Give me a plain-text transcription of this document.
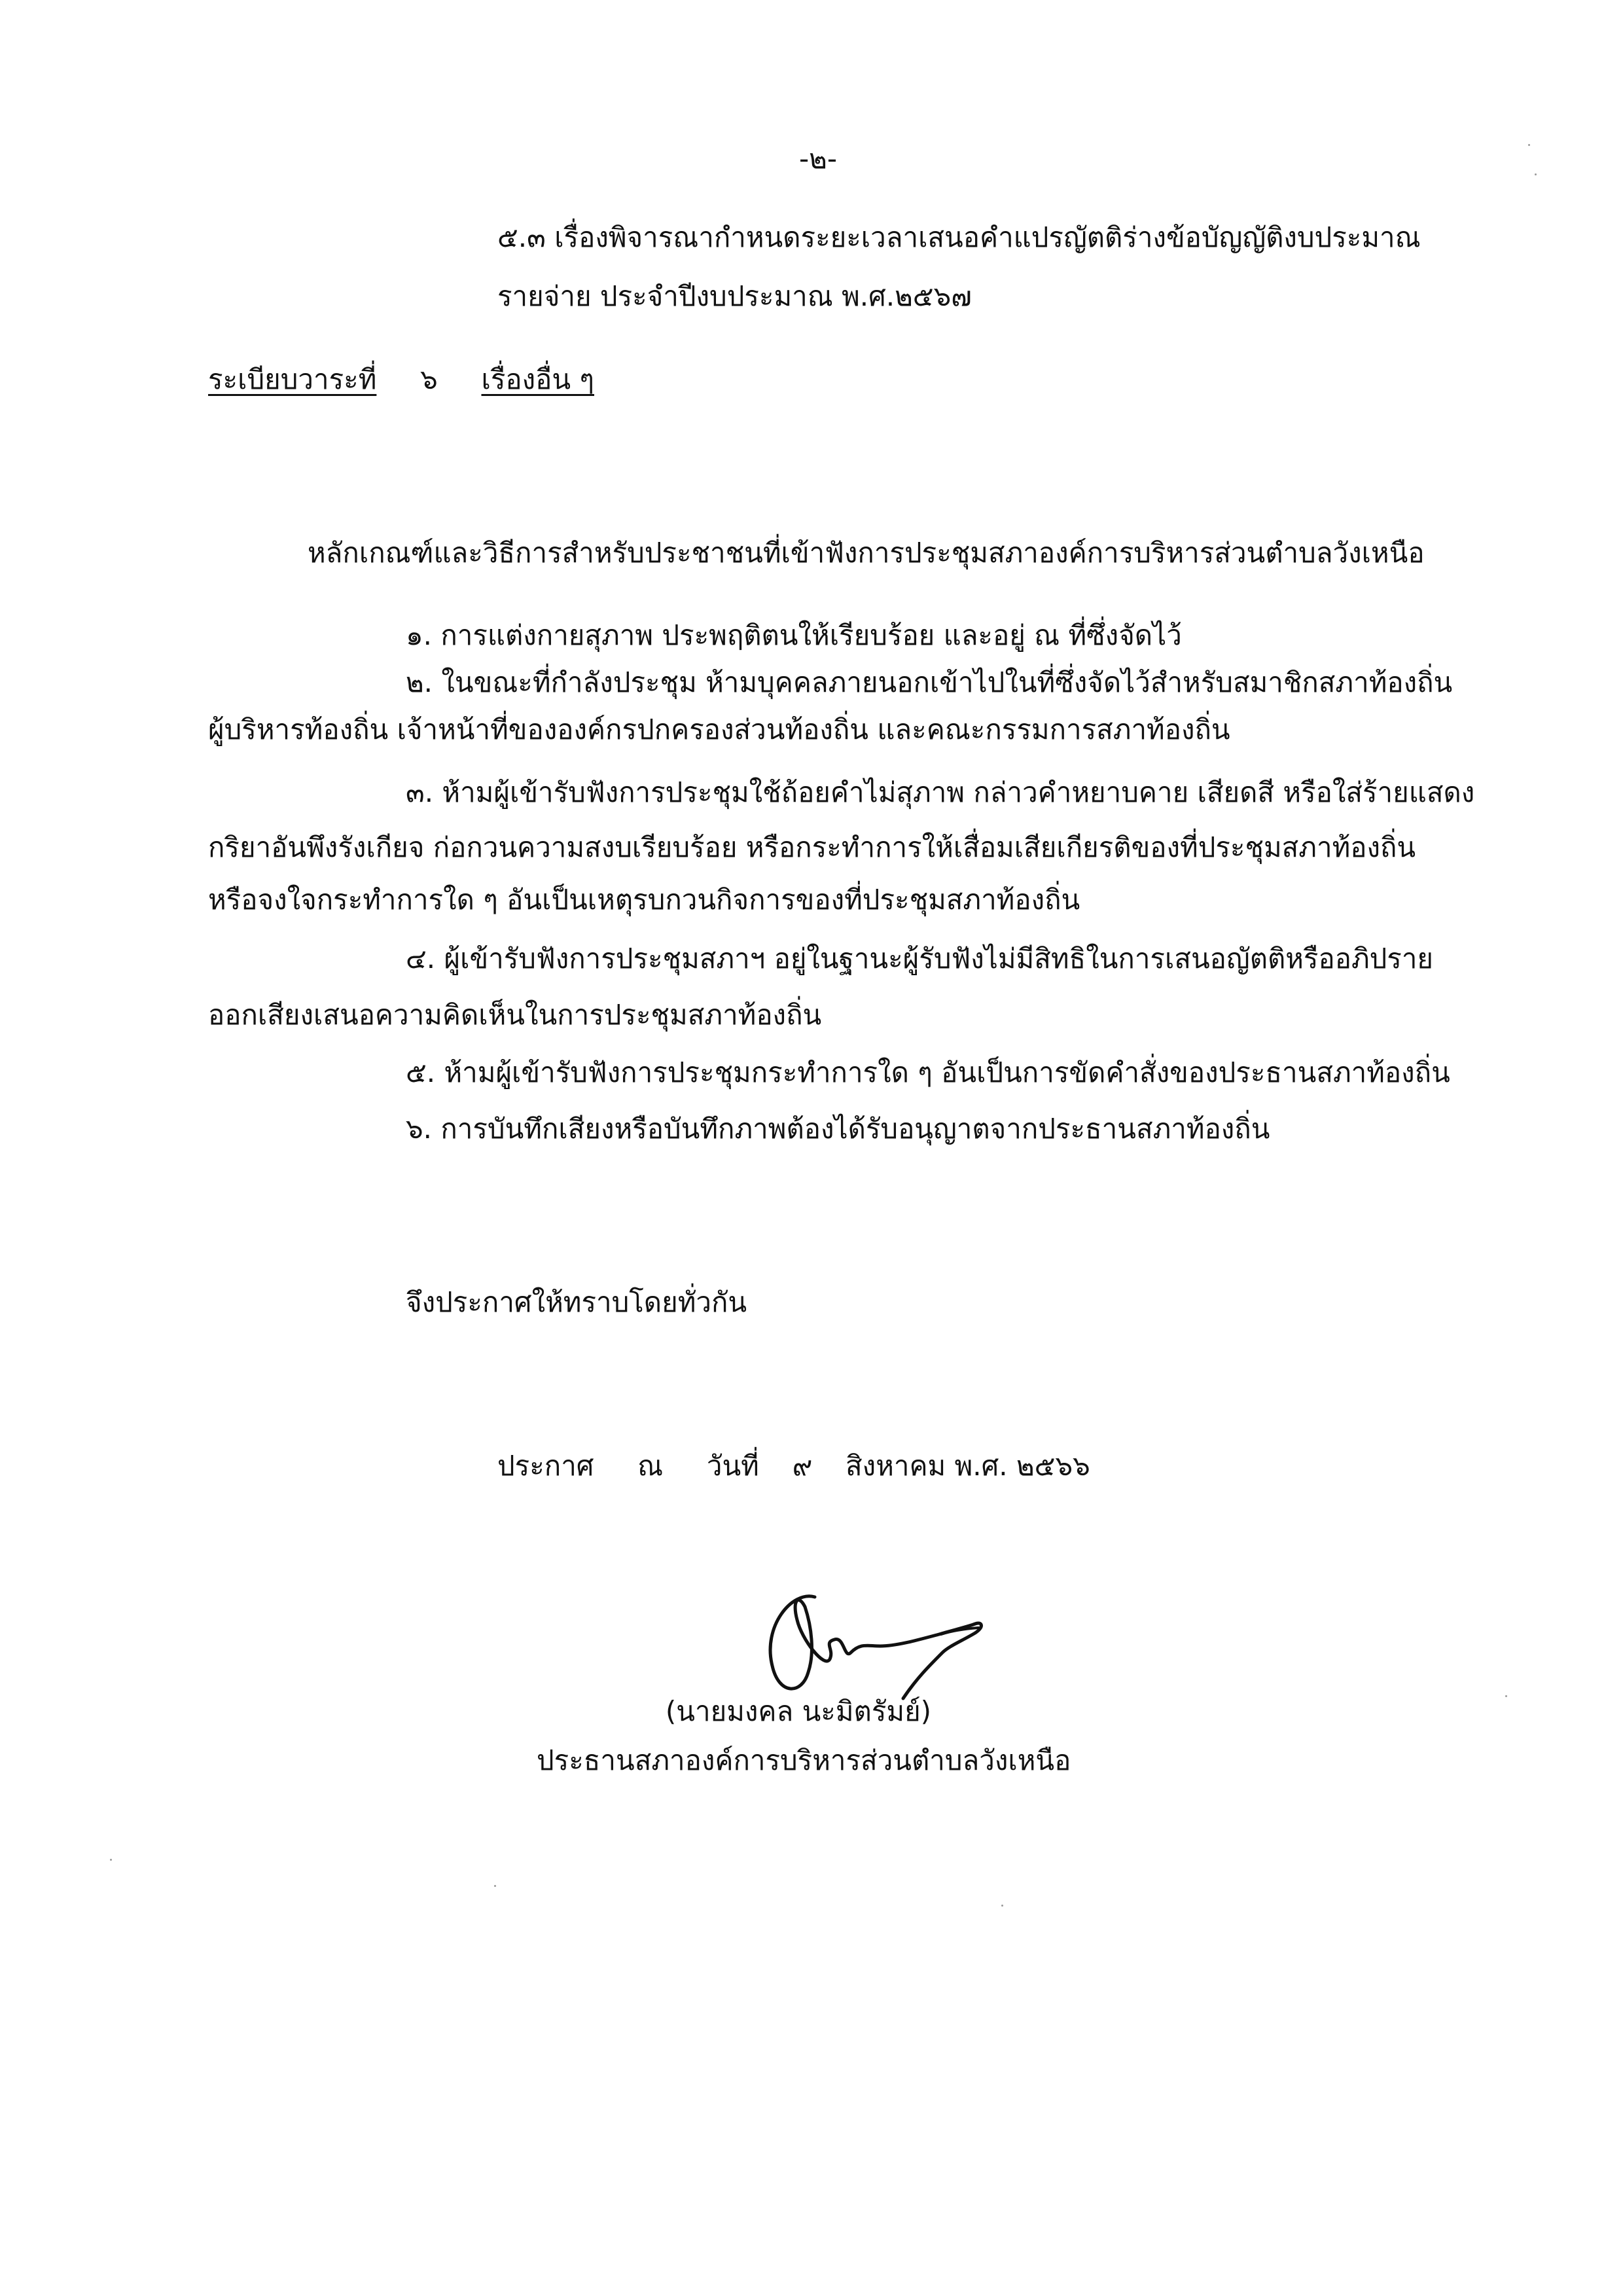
-๒-
๕.๓ เรื่องพิจารณากำหนดระยะเวลาเสนอคำแปรญัตติร่างข้อบัญญัติงบประมาณ
รายจ่าย ประจำปีงบประมาณ พ.ศ.๒๕๖๗
ระเบียบวาระที่ ๖ เรื่องอื่น ๆ
หลักเกณฑ์และวิธีการสำหรับประชาชนที่เข้าฟังการประชุมสภาองค์การบริหารส่วนตำบลวังเหนือ
๑. การแต่งกายสุภาพ ประพฤติตนให้เรียบร้อย และอยู่ ณ ที่ซึ่งจัดไว้
๒. ในขณะที่กำลังประชุม ห้ามบุคคลภายนอกเข้าไปในที่ซึ่งจัดไว้สำหรับสมาชิกสภาท้องถิ่น
ผู้บริหารท้องถิ่น เจ้าหน้าที่ขององค์กรปกครองส่วนท้องถิ่น และคณะกรรมการสภาท้องถิ่น
๓. ห้ามผู้เข้ารับฟังการประชุมใช้ถ้อยคำไม่สุภาพ กล่าวคำหยาบคาย เสียดสี หรือใส่ร้ายแสดง
กริยาอันพึงรังเกียจ ก่อกวนความสงบเรียบร้อย หรือกระทำการให้เสื่อมเสียเกียรติของที่ประชุมสภาท้องถิ่น
หรือจงใจกระทำการใด ๆ อันเป็นเหตุรบกวนกิจการของที่ประชุมสภาท้องถิ่น
๔. ผู้เข้ารับฟังการประชุมสภาฯ อยู่ในฐานะผู้รับฟังไม่มีสิทธิในการเสนอญัตติหรืออภิปราย
ออกเสียงเสนอความคิดเห็นในการประชุมสภาท้องถิ่น
๕. ห้ามผู้เข้ารับฟังการประชุมกระทำการใด ๆ อันเป็นการขัดคำสั่งของประธานสภาท้องถิ่น
๖. การบันทึกเสียงหรือบันทึกภาพต้องได้รับอนุญาตจากประธานสภาท้องถิ่น
จึงประกาศให้ทราบโดยทั่วกัน
ประกาศ ณ วันที่ ๙ สิงหาคม พ.ศ. ๒๕๖๖
(นายมงคล นะมิตรัมย์)
ประธานสภาองค์การบริหารส่วนตำบลวังเหนือ
